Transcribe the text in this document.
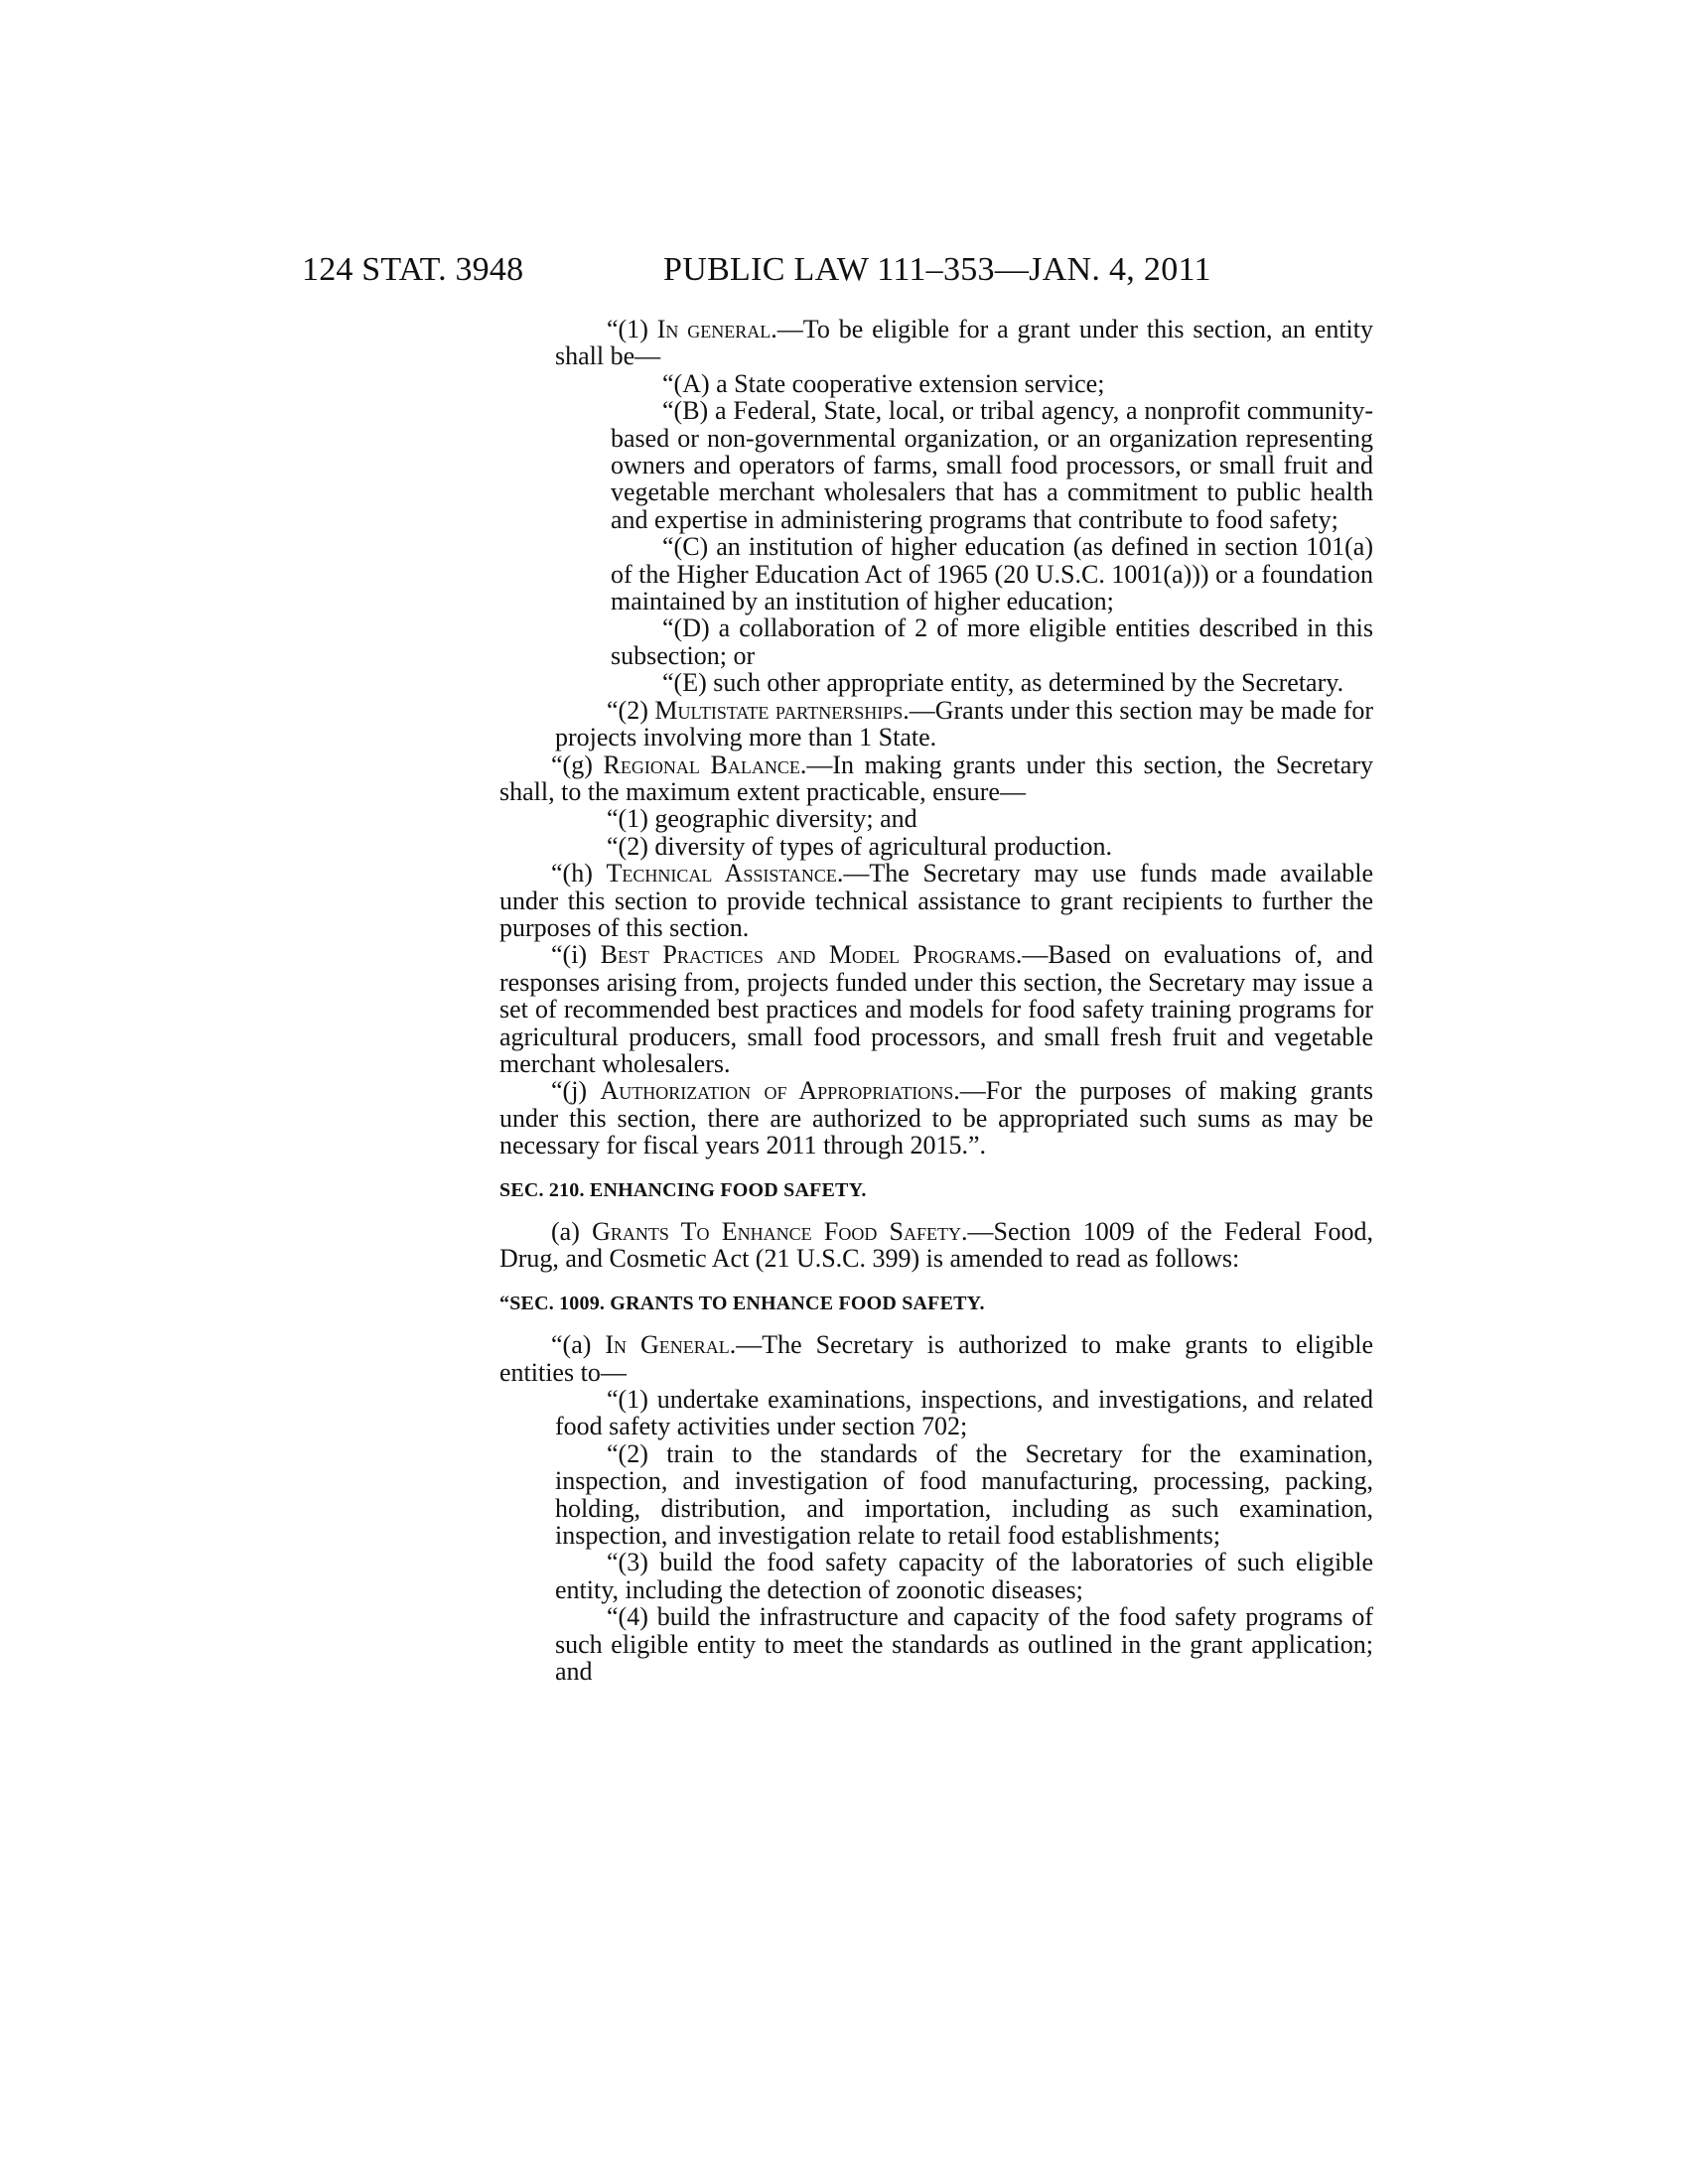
124 STAT. 3948	PUBLIC LAW 111–353—JAN. 4, 2011

“(1) In general.—To be eligible for a grant under this section, an entity shall be—

“(A) a State cooperative extension service;

“(B) a Federal, State, local, or tribal agency, a nonprofit community-based or non-governmental organization, or an organization representing owners and operators of farms, small food processors, or small fruit and vegetable merchant wholesalers that has a commitment to public health and expertise in administering programs that contribute to food safety;

“(C) an institution of higher education (as defined in section 101(a) of the Higher Education Act of 1965 (20 U.S.C. 1001(a))) or a foundation maintained by an institution of higher education;

“(D) a collaboration of 2 of more eligible entities described in this subsection; or

“(E) such other appropriate entity, as determined by the Secretary.

“(2) Multistate partnerships.—Grants under this section may be made for projects involving more than 1 State.

“(g) Regional Balance.—In making grants under this section, the Secretary shall, to the maximum extent practicable, ensure—

“(1) geographic diversity; and

“(2) diversity of types of agricultural production.

“(h) Technical Assistance.—The Secretary may use funds made available under this section to provide technical assistance to grant recipients to further the purposes of this section.

“(i) Best Practices and Model Programs.—Based on evaluations of, and responses arising from, projects funded under this section, the Secretary may issue a set of recommended best practices and models for food safety training programs for agricultural producers, small food processors, and small fresh fruit and vegetable merchant wholesalers.

“(j) Authorization of Appropriations.—For the purposes of making grants under this section, there are authorized to be appropriated such sums as may be necessary for fiscal years 2011 through 2015.”.

SEC. 210. ENHANCING FOOD SAFETY.

(a) Grants To Enhance Food Safety.—Section 1009 of the Federal Food, Drug, and Cosmetic Act (21 U.S.C. 399) is amended to read as follows:

“SEC. 1009. GRANTS TO ENHANCE FOOD SAFETY.

“(a) In General.—The Secretary is authorized to make grants to eligible entities to—

“(1) undertake examinations, inspections, and investigations, and related food safety activities under section 702;

“(2) train to the standards of the Secretary for the examination, inspection, and investigation of food manufacturing, processing, packing, holding, distribution, and importation, including as such examination, inspection, and investigation relate to retail food establishments;

“(3) build the food safety capacity of the laboratories of such eligible entity, including the detection of zoonotic diseases;

“(4) build the infrastructure and capacity of the food safety programs of such eligible entity to meet the standards as outlined in the grant application; and
